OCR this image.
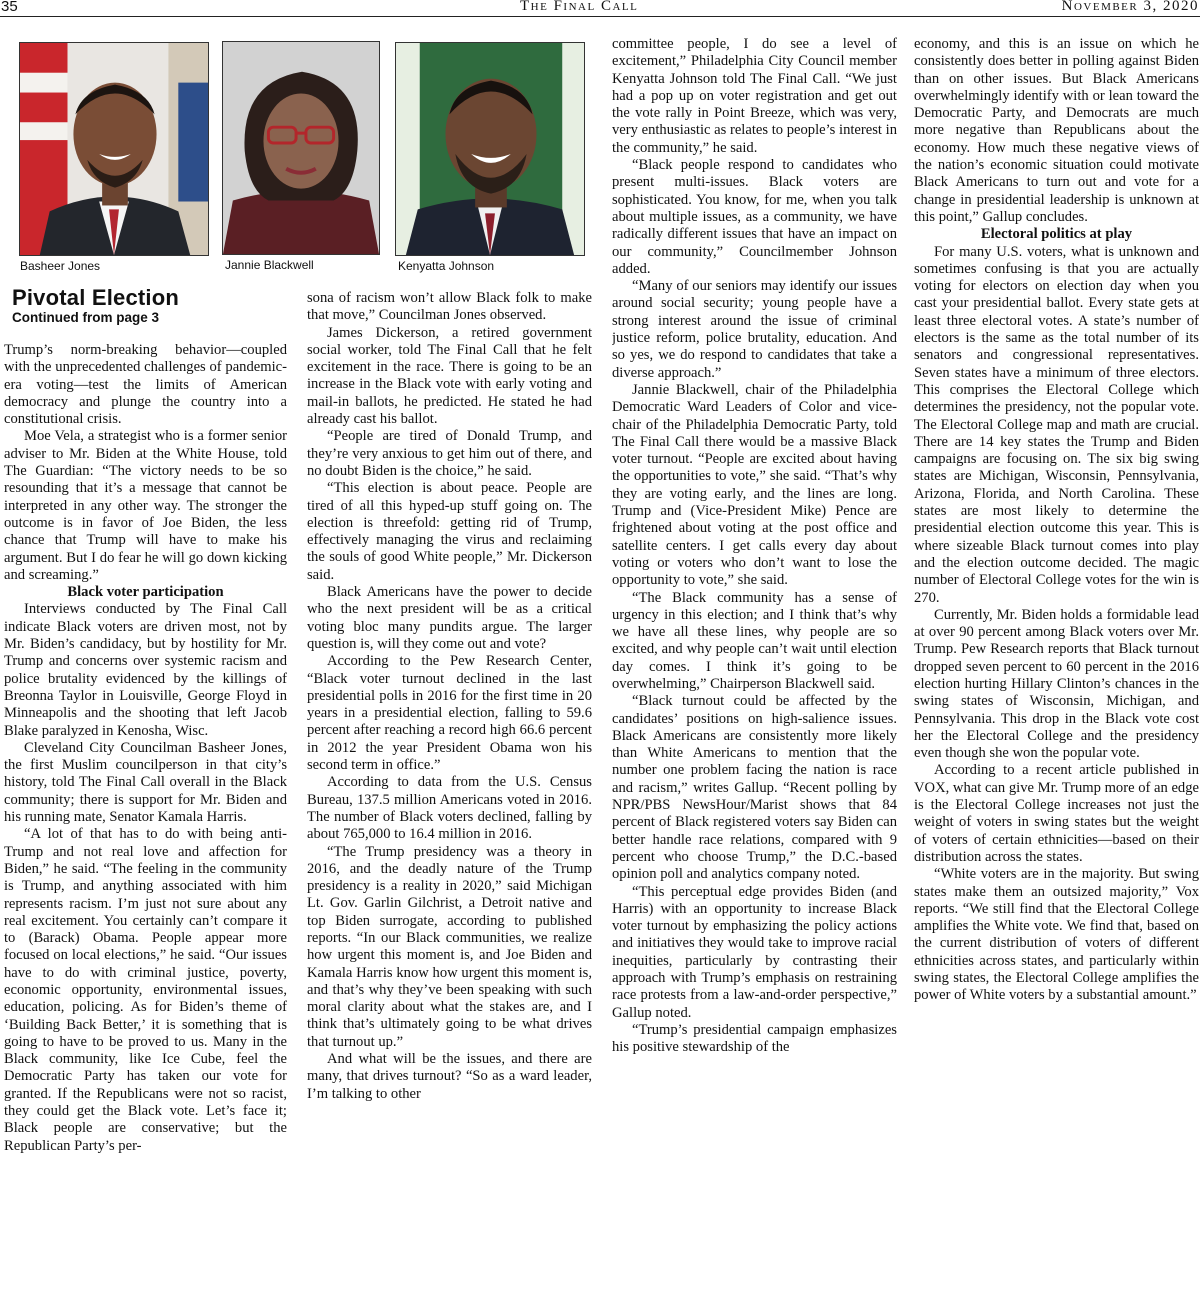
35	The Final Call	November 3, 2020
Basheer Jones	Jannie Blackwell	Kenyatta Johnson
Pivotal Election
Continued from page 3

Trump’s norm-breaking behavior—coupled with the unprecedented challenges of pandemic-era voting—test the limits of American democracy and plunge the country into a constitutional crisis.

Moe Vela, a strategist who is a former senior adviser to Mr. Biden at the White House, told The Guardian: “The victory needs to be so resounding that it’s a message that cannot be interpreted in any other way. The stronger the outcome is in favor of Joe Biden, the less chance that Trump will have to make his argument. But I do fear he will go down kicking and screaming.”

Black voter participation

Interviews conducted by The Final Call indicate Black voters are driven most, not by Mr. Biden’s candidacy, but by hostility for Mr. Trump and concerns over systemic racism and police brutality evidenced by the killings of Breonna Taylor in Louisville, George Floyd in Minneapolis and the shooting that left Jacob Blake paralyzed in Kenosha, Wisc.

Cleveland City Councilman Basheer Jones, the first Muslim councilperson in that city’s history, told The Final Call overall in the Black community; there is support for Mr. Biden and his running mate, Senator Kamala Harris.

“A lot of that has to do with being anti-Trump and not real love and affection for Biden,” he said. “The feeling in the community is Trump, and anything associated with him represents racism. I’m just not sure about any real excitement. You certainly can’t compare it to (Barack) Obama. People appear more focused on local elections,” he said. “Our issues have to do with criminal justice, poverty, economic opportunity, environmental issues, education, policing. As for Biden’s theme of ‘Building Back Better,’ it is something that is going to have to be proved to us. Many in the Black community, like Ice Cube, feel the Democratic Party has taken our vote for granted. If the Republicans were not so racist, they could get the Black vote. Let’s face it; Black people are conservative; but the Republican Party’s per-

sona of racism won’t allow Black folk to make that move,” Councilman Jones observed.

James Dickerson, a retired government social worker, told The Final Call that he felt excitement in the race. There is going to be an increase in the Black vote with early voting and mail-in ballots, he predicted. He stated he had already cast his ballot.

“People are tired of Donald Trump, and they’re very anxious to get him out of there, and no doubt Biden is the choice,” he said.

“This election is about peace. People are tired of all this hyped-up stuff going on. The election is threefold: getting rid of Trump, effectively managing the virus and reclaiming the souls of good White people,” Mr. Dickerson said.

Black Americans have the power to decide who the next president will be as a critical voting bloc many pundits argue. The larger question is, will they come out and vote?

According to the Pew Research Center, “Black voter turnout declined in the last presidential polls in 2016 for the first time in 20 years in a presidential election, falling to 59.6 percent after reaching a record high 66.6 percent in 2012 the year President Obama won his second term in office.”

According to data from the U.S. Census Bureau, 137.5 million Americans voted in 2016. The number of Black voters declined, falling by about 765,000 to 16.4 million in 2016.

“The Trump presidency was a theory in 2016, and the deadly nature of the Trump presidency is a reality in 2020,” said Michigan Lt. Gov. Garlin Gilchrist, a Detroit native and top Biden surrogate, according to published reports. “In our Black communities, we realize how urgent this moment is, and Joe Biden and Kamala Harris know how urgent this moment is, and that’s why they’ve been speaking with such moral clarity about what the stakes are, and I think that’s ultimately going to be what drives that turnout up.”

And what will be the issues, and there are many, that drives turnout? “So as a ward leader, I’m talking to other

committee people, I do see a level of excitement,” Philadelphia City Council member Kenyatta Johnson told The Final Call. “We just had a pop up on voter registration and get out the vote rally in Point Breeze, which was very, very enthusiastic as relates to people’s interest in the community,” he said.

“Black people respond to candidates who present multi-issues. Black voters are sophisticated. You know, for me, when you talk about multiple issues, as a community, we have radically different issues that have an impact on our community,” Councilmember Johnson added.

“Many of our seniors may identify our issues around social security; young people have a strong interest around the issue of criminal justice reform, police brutality, education. And so yes, we do respond to candidates that take a diverse approach.”

Jannie Blackwell, chair of the Philadelphia Democratic Ward Leaders of Color and vice-chair of the Philadelphia Democratic Party, told The Final Call there would be a massive Black voter turnout. “People are excited about having the opportunities to vote,” she said. “That’s why they are voting early, and the lines are long. Trump and (Vice-President Mike) Pence are frightened about voting at the post office and satellite centers. I get calls every day about voting or voters who don’t want to lose the opportunity to vote,” she said.

“The Black community has a sense of urgency in this election; and I think that’s why we have all these lines, why people are so excited, and why people can’t wait until election day comes. I think it’s going to be overwhelming,” Chairperson Blackwell said.

“Black turnout could be affected by the candidates’ positions on high-salience issues. Black Americans are consistently more likely than White Americans to mention that the number one problem facing the nation is race and racism,” writes Gallup. “Recent polling by NPR/PBS NewsHour/Marist shows that 84 percent of Black registered voters say Biden can better handle race relations, compared with 9 percent who choose Trump,” the D.C.-based opinion poll and analytics company noted.

“This perceptual edge provides Biden (and Harris) with an opportunity to increase Black voter turnout by emphasizing the policy actions and initiatives they would take to improve racial inequities, particularly by contrasting their approach with Trump’s emphasis on restraining race protests from a law-and-order perspective,” Gallup noted.

“Trump’s presidential campaign emphasizes his positive stewardship of the

economy, and this is an issue on which he consistently does better in polling against Biden than on other issues. But Black Americans overwhelmingly identify with or lean toward the Democratic Party, and Democrats are much more negative than Republicans about the economy. How much these negative views of the nation’s economic situation could motivate Black Americans to turn out and vote for a change in presidential leadership is unknown at this point,” Gallup concludes.

Electoral politics at play

For many U.S. voters, what is unknown and sometimes confusing is that you are actually voting for electors on election day when you cast your presidential ballot. Every state gets at least three electoral votes. A state’s number of electors is the same as the total number of its senators and congressional representatives. Seven states have a minimum of three electors. This comprises the Electoral College which determines the presidency, not the popular vote. The Electoral College map and math are crucial. There are 14 key states the Trump and Biden campaigns are focusing on. The six big swing states are Michigan, Wisconsin, Pennsylvania, Arizona, Florida, and North Carolina. These states are most likely to determine the presidential election outcome this year. This is where sizeable Black turnout comes into play and the election outcome decided. The magic number of Electoral College votes for the win is 270.

Currently, Mr. Biden holds a formidable lead at over 90 percent among Black voters over Mr. Trump. Pew Research reports that Black turnout dropped seven percent to 60 percent in the 2016 election hurting Hillary Clinton’s chances in the swing states of Wisconsin, Michigan, and Pennsylvania. This drop in the Black vote cost her the Electoral College and the presidency even though she won the popular vote.

According to a recent article published in VOX, what can give Mr. Trump more of an edge is the Electoral College increases not just the weight of voters in swing states but the weight of voters of certain ethnicities—based on their distribution across the states.

“White voters are in the majority. But swing states make them an outsized majority,” Vox reports. “We still find that the Electoral College amplifies the White vote. We find that, based on the current distribution of voters of different ethnicities across states, and particularly within swing states, the Electoral College amplifies the power of White voters by a substantial amount.”
